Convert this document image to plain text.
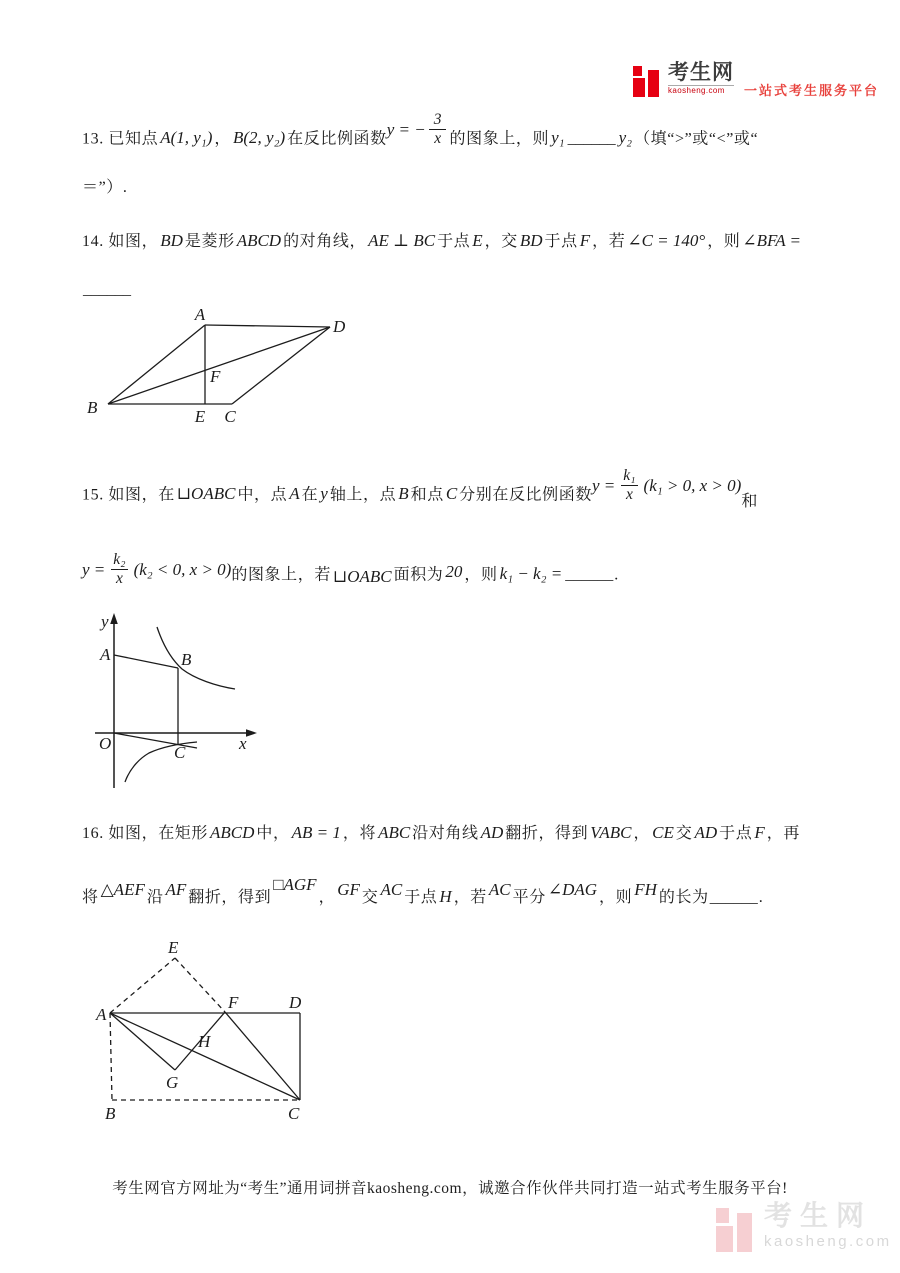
考生网
kaosheng.com	一站式考生服务平台
13. 已知点 A(1, y₁) ， B(2, y₂) 在反比例函数
y = − $\frac{3}{x}$ 的图象上，则 y₁ ______ y₂ （填“>”或“<”或“
＝”）.
14. 如图， BD 是菱形 ABCD 的对角线， AE ⊥ BC 于点 E ，交 BD 于点 F ，若 ∠C = 140° ，则 ∠BFA =
______
A
D
B	E C
F
15. 如图，在 ⊔OABC 中，点 A 在 y 轴上，点 B 和点 C 分别在反比例函数
$y = \frac{\text{k₁}}{x} (k_1 > 0$, x > 0)
和
$y = \frac{\text{k₂}}{x} (k_2 < 0$, x > 0) 的图象上，若 ⊔OABC 面积为 20 ，则 k₁ − k₂ = ______.
y
x
O
A	B
C
16. 如图，在矩形 ABCD 中， AB = 1 ，将 ABC 沿对角线 AD 翻折，得到 VABC ， CE 交 AD 于点 F ，再
将 △AEF 沿 AF 翻折，得到□AGF， GF 交 AC 于点 H ，若 AC 平分 ∠DAG ，则 FH 的长为______.
E
A
F	D
B	C
G
H
考生网官方网址为“考生”通用词拼音kaosheng.com，诚邀合作伙伴共同打造一站式考生服务平台!
考生网
kaosheng.com
